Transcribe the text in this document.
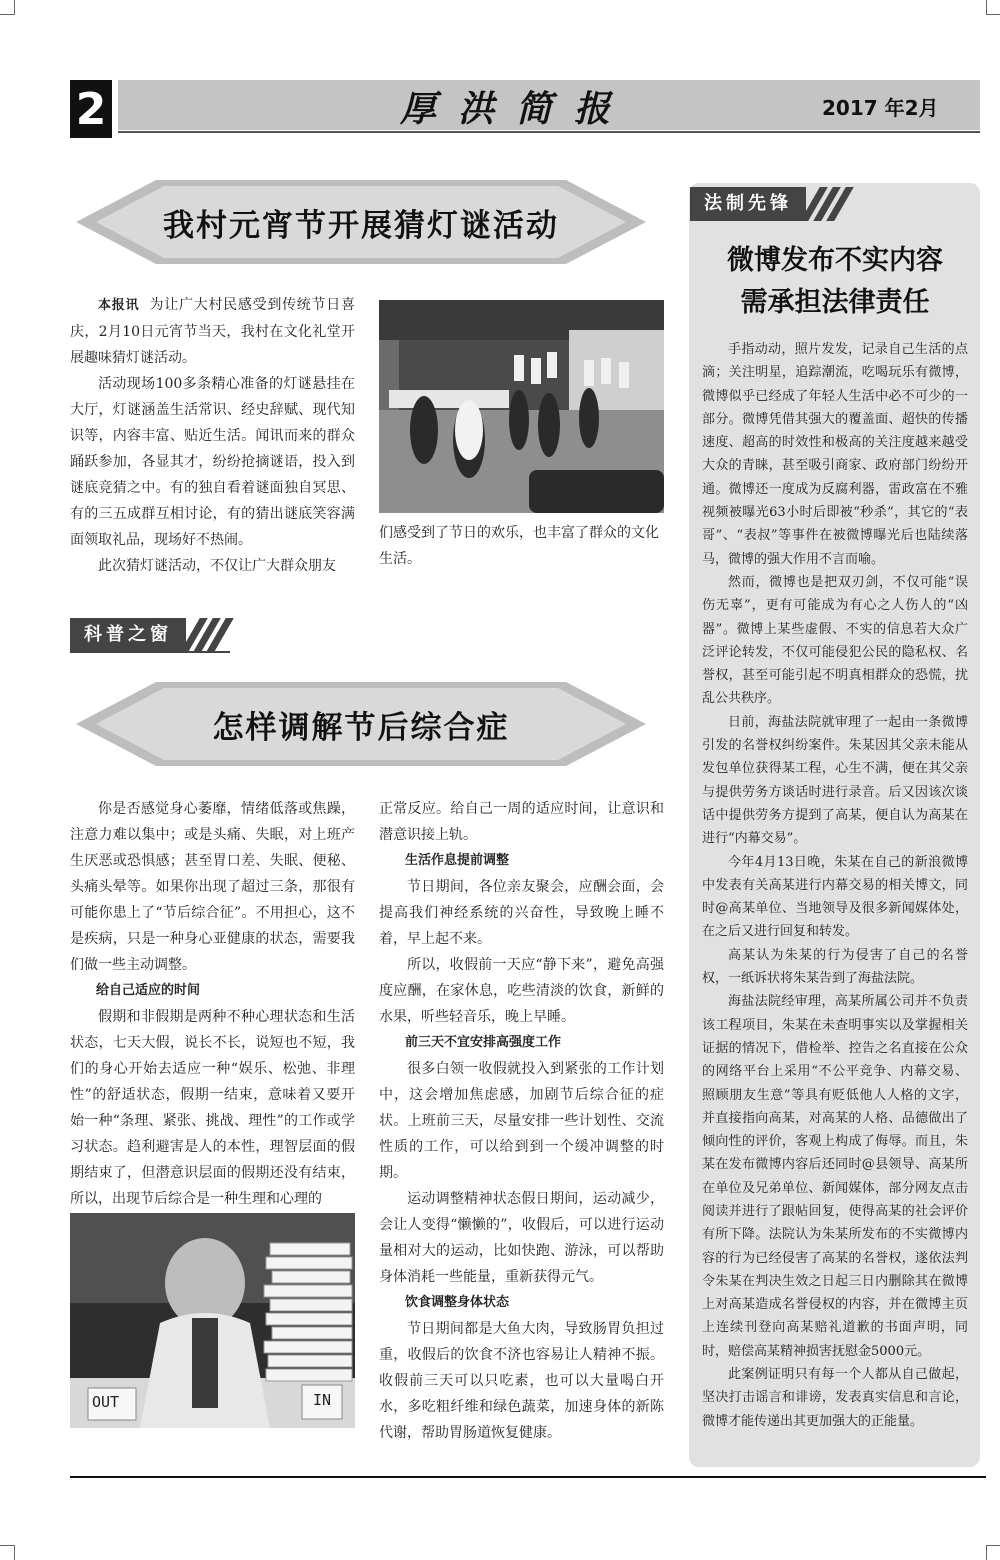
2	厚洪简报	2017 年2月
我村元宵节开展猜灯谜活动

本报讯 为让广大村民感受到传统节日喜庆，2月10日元宵节当天，我村在文化礼堂开展趣味猜灯谜活动。

活动现场100多条精心准备的灯谜悬挂在大厅，灯谜涵盖生活常识、经史辞赋、现代知识等，内容丰富、贴近生活。闻讯而来的群众踊跃参加，各显其才，纷纷抢摘谜语，投入到谜底竞猜之中。有的独自看着谜面独自冥思、有的三五成群互相讨论，有的猜出谜底笑容满面领取礼品，现场好不热闹。

此次猜灯谜活动，不仅让广大群众朋友

们感受到了节日的欢乐，也丰富了群众的文化生活。
科普之窗
怎样调解节后综合症

你是否感觉身心萎靡，情绪低落或焦躁，注意力难以集中；或是头痛、失眠，对上班产生厌恶或恐惧感；甚至胃口差、失眠、便秘、头痛头晕等。如果你出现了超过三条，那很有可能你患上了“节后综合征”。不用担心，这不是疾病，只是一种身心亚健康的状态，需要我们做一些主动调整。

给自己适应的时间

假期和非假期是两种不种心理状态和生活状态，七天大假，说长不长，说短也不短，我们的身心开始去适应一种“娱乐、松弛、非理性”的舒适状态，假期一结束，意味着又要开始一种“条理、紧张、挑战、理性”的工作或学习状态。趋利避害是人的本性，理智层面的假期结束了，但潜意识层面的假期还没有结束，所以，出现节后综合是一种生理和心理的

OUT	IN

正常反应。给自己一周的适应时间，让意识和潜意识接上轨。

生活作息提前调整

节日期间，各位亲友聚会，应酬会面，会提高我们神经系统的兴奋性，导致晚上睡不着，早上起不来。

所以，收假前一天应“静下来”，避免高强度应酬，在家休息，吃些清淡的饮食，新鲜的水果，听些轻音乐，晚上早睡。

前三天不宜安排高强度工作

很多白领一收假就投入到紧张的工作计划中，这会增加焦虑感，加剧节后综合征的症状。上班前三天，尽量安排一些计划性、交流性质的工作，可以给到到一个缓冲调整的时期。

运动调整精神状态假日期间，运动减少，会让人变得“懒懒的”，收假后，可以进行运动量相对大的运动，比如快跑、游泳，可以帮助身体消耗一些能量，重新获得元气。

饮食调整身体状态

节日期间都是大鱼大肉，导致肠胃负担过重，收假后的饮食不济也容易让人精神不振。收假前三天可以只吃素，也可以大量喝白开水，多吃粗纤维和绿色蔬菜，加速身体的新陈代谢，帮助胃肠道恢复健康。

法制先锋
微博发布不实内容
需承担法律责任

手指动动，照片发发，记录自己生活的点滴；关注明星，追踪潮流，吃喝玩乐有微博，微博似乎已经成了年轻人生活中必不可少的一部分。微博凭借其强大的覆盖面、超快的传播速度、超高的时效性和极高的关注度越来越受大众的青睐，甚至吸引商家、政府部门纷纷开通。微博还一度成为反腐利器，雷政富在不雅视频被曝光63小时后即被“秒杀”，其它的“表哥”、“表叔”等事件在被微博曝光后也陆续落马，微博的强大作用不言而喻。

然而，微博也是把双刃剑，不仅可能“误伤无辜”，更有可能成为有心之人伤人的“凶器”。微博上某些虚假、不实的信息若大众广泛评论转发，不仅可能侵犯公民的隐私权、名誉权，甚至可能引起不明真相群众的恐慌，扰乱公共秩序。

日前，海盐法院就审理了一起由一条微博引发的名誉权纠纷案件。朱某因其父亲未能从发包单位获得某工程，心生不满，便在其父亲与提供劳务方谈话时进行录音。后又因该次谈话中提供劳务方提到了高某，便自认为高某在进行“内幕交易”。

今年4月13日晚，朱某在自己的新浪微博中发表有关高某进行内幕交易的相关博文，同时@高某单位、当地领导及很多新闻媒体处，在之后又进行回复和转发。

高某认为朱某的行为侵害了自己的名誉权，一纸诉状将朱某告到了海盐法院。

海盐法院经审理，高某所属公司并不负责该工程项目，朱某在未查明事实以及掌握相关证据的情况下，借检举、控告之名直接在公众的网络平台上采用“不公平竞争、内幕交易、照顾朋友生意”等具有贬低他人人格的文字，并直接指向高某，对高某的人格、品德做出了倾向性的评价，客观上构成了侮辱。而且，朱某在发布微博内容后还同时@县领导、高某所在单位及兄弟单位、新闻媒体，部分网友点击阅读并进行了跟帖回复，使得高某的社会评价有所下降。法院认为朱某所发布的不实微博内容的行为已经侵害了高某的名誉权，遂依法判令朱某在判决生效之日起三日内删除其在微博上对高某造成名誉侵权的内容，并在微博主页上连续刊登向高某赔礼道歉的书面声明，同时，赔偿高某精神损害抚慰金5000元。

此案例证明只有每一个人都从自己做起，坚决打击谣言和诽谤，发表真实信息和言论，微博才能传递出其更加强大的正能量。
